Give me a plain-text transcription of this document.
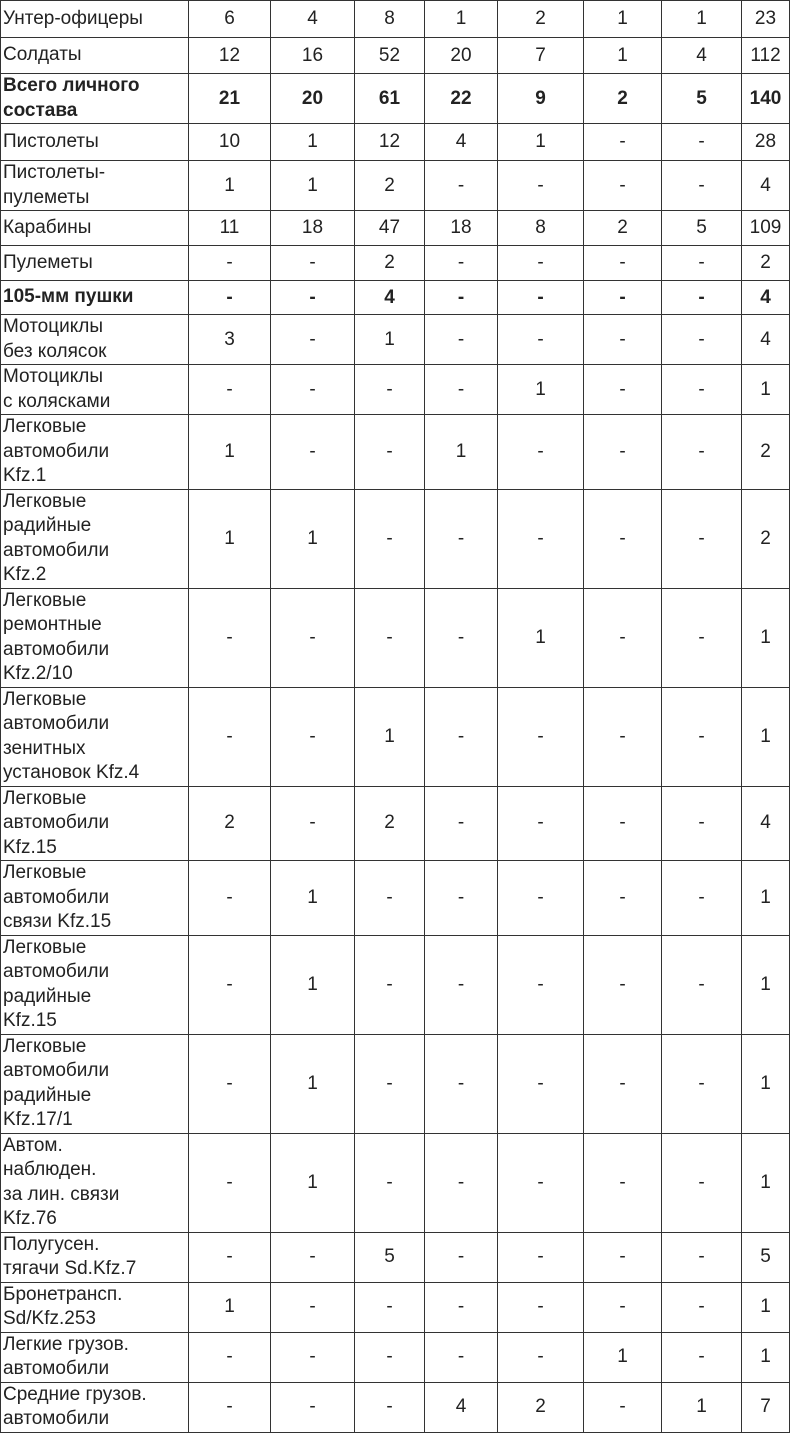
Унтер-офицеры	6	4	8	1	2	1	1	23
Солдаты	12	16	52	20	7	1	4	112
Всего личного
состава	21	20	61	22	9	2	5	140
Пистолеты	10	1	12	4	1	-	-	28
Пистолеты-
пулеметы	1	1	2	-	-	-	-	4
Карабины	11	18	47	18	8	2	5	109
Пулеметы	-	-	2	-	-	-	-	2
105-мм пушки	-	-	4	-	-	-	-	4
Мотоциклы
без колясок	3	-	1	-	-	-	-	4
Мотоциклы
с колясками	-	-	-	-	1	-	-	1
Легковые
автомобили
Kfz.1	1	-	-	1	-	-	-	2
Легковые
радийные
автомобили
Kfz.2	1	1	-	-	-	-	-	2
Легковые
ремонтные
автомобили
Kfz.2/10	-	-	-	-	1	-	-	1
Легковые
автомобили
зенитных
установок Kfz.4	-	-	1	-	-	-	-	1
Легковые
автомобили
Kfz.15	2	-	2	-	-	-	-	4
Легковые
автомобили
связи Kfz.15	-	1	-	-	-	-	-	1
Легковые
автомобили
радийные
Kfz.15	-	1	-	-	-	-	-	1
Легковые
автомобили
радийные
Kfz.17/1	-	1	-	-	-	-	-	1
Автом.
наблюден.
за лин. связи
Kfz.76	-	1	-	-	-	-	-	1
Полугусен.
тягачи Sd.Kfz.7	-	-	5	-	-	-	-	5
Бронетрансп.
Sd/Kfz.253	1	-	-	-	-	-	-	1
Легкие грузов.
автомобили	-	-	-	-	-	1	-	1
Средние грузов.
автомобили	-	-	-	4	2	-	1	7
